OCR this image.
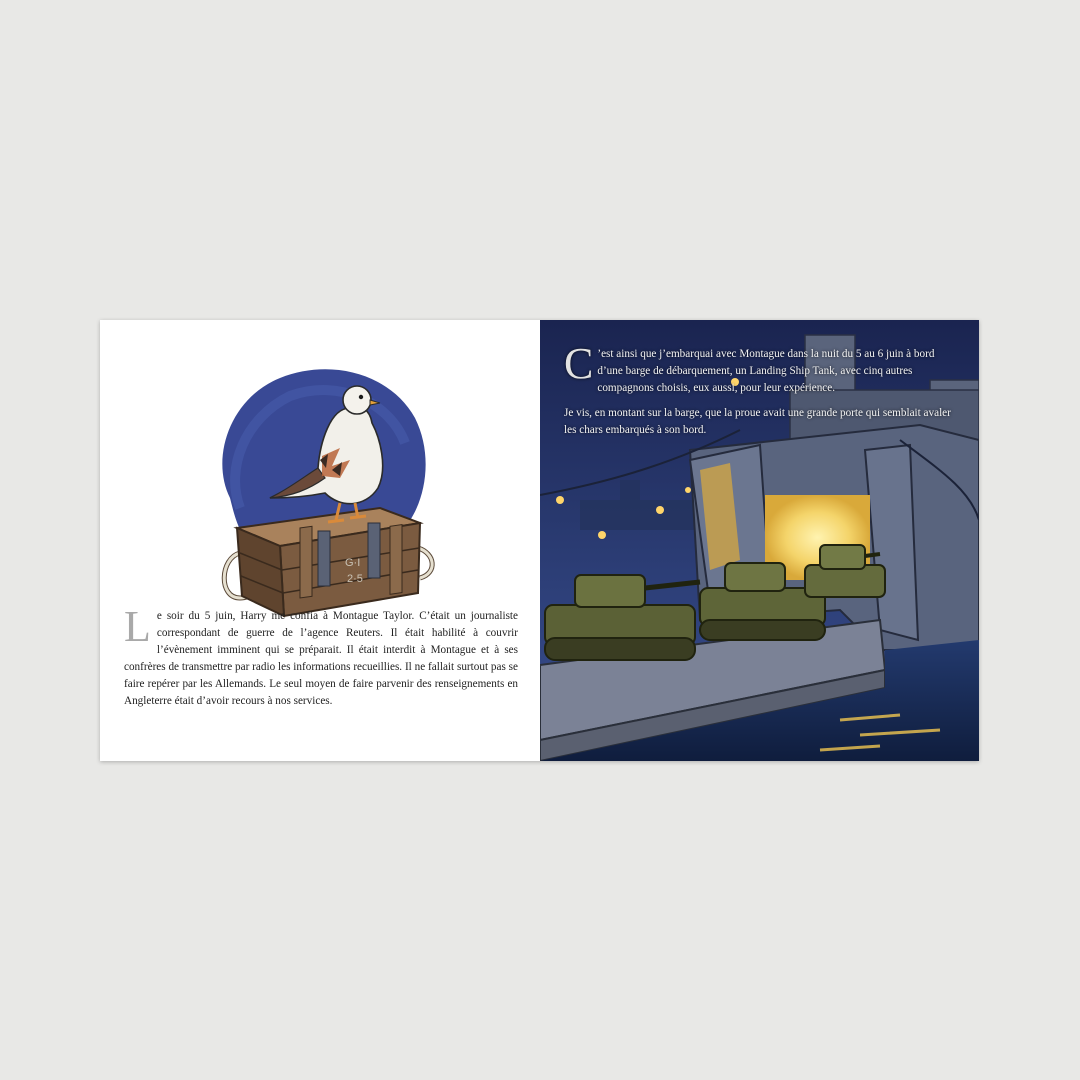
G·I
2·5
Le soir du 5 juin, Harry me confia à Montague Taylor. C’était un journaliste correspondant de guerre de l’agence Reuters. Il était habilité à couvrir l’évènement imminent qui se préparait. Il était interdit à Montague et à ses confrères de transmettre par radio les informations recueillies. Il ne fallait surtout pas se faire repérer par les Allemands. Le seul moyen de faire parvenir des renseignements en Angleterre était d’avoir recours à nos services.

C ’est ainsi que j’embarquai avec Montague dans la nuit du 5 au 6 juin à bord d’une barge de débarquement, un Landing Ship Tank, avec cinq autres compagnons choisis, eux aussi, pour leur expérience.

Je vis, en montant sur la barge, que la proue avait une grande porte qui semblait avaler les chars embarqués à son bord.
